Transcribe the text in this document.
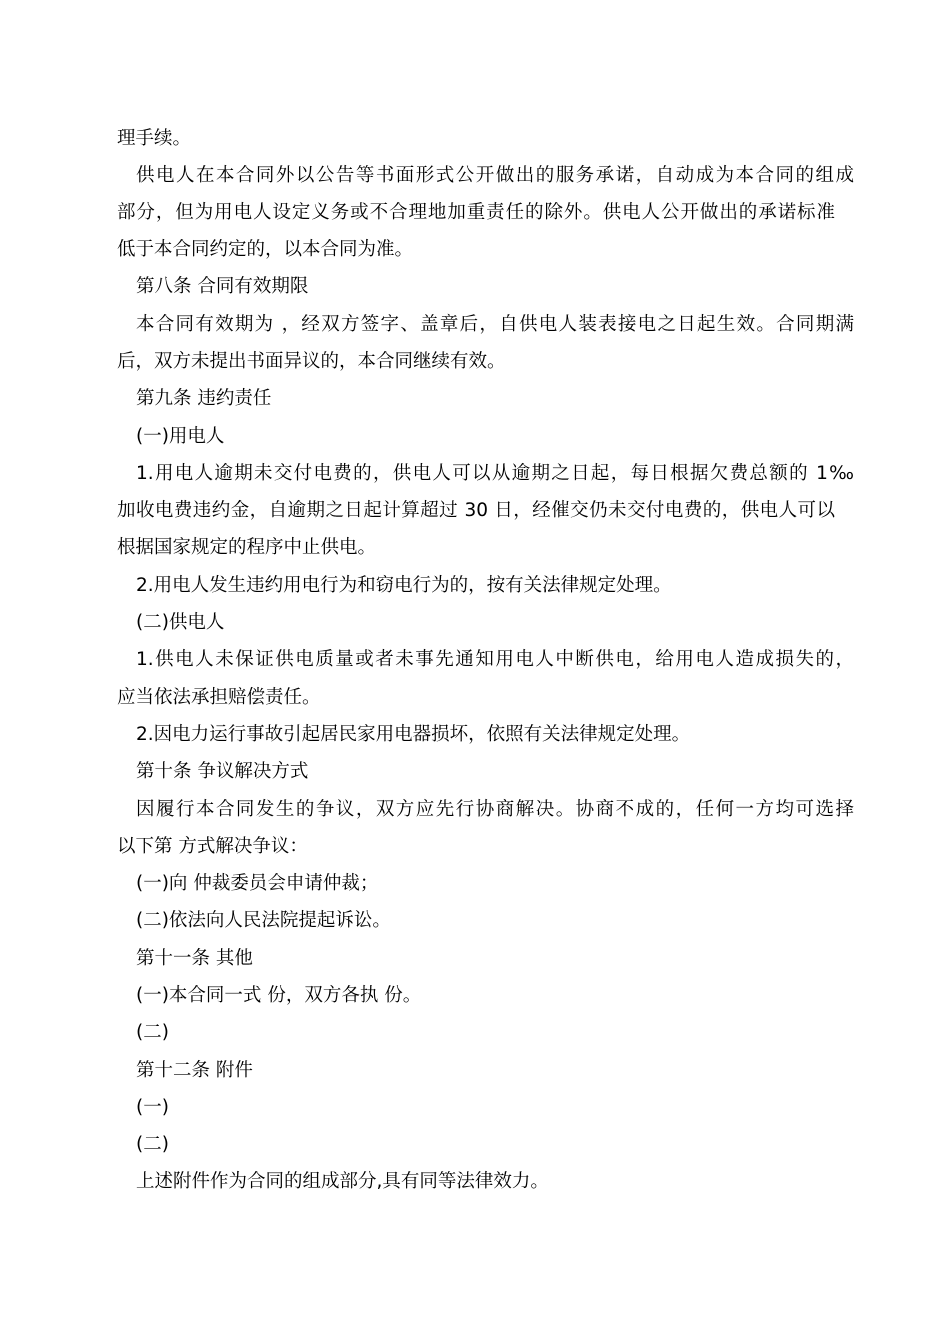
理手续。
供电人在本合同外以公告等书面形式公开做出的服务承诺，自动成为本合同的组成
部分，但为用电人设定义务或不合理地加重责任的除外。供电人公开做出的承诺标准
低于本合同约定的，以本合同为准。
第八条 合同有效期限
本合同有效期为 ，经双方签字、盖章后，自供电人装表接电之日起生效。合同期满
后，双方未提出书面异议的，本合同继续有效。
第九条 违约责任
(一)用电人
1.用电人逾期未交付电费的，供电人可以从逾期之日起，每日根据欠费总额的 1‰
加收电费违约金，自逾期之日起计算超过 30 日，经催交仍未交付电费的，供电人可以
根据国家规定的程序中止供电。
2.用电人发生违约用电行为和窃电行为的，按有关法律规定处理。
(二)供电人
1.供电人未保证供电质量或者未事先通知用电人中断供电，给用电人造成损失的，
应当依法承担赔偿责任。
2.因电力运行事故引起居民家用电器损坏，依照有关法律规定处理。
第十条 争议解决方式
因履行本合同发生的争议，双方应先行协商解决。协商不成的，任何一方均可选择
以下第 方式解决争议：
(一)向 仲裁委员会申请仲裁；
(二)依法向人民法院提起诉讼。
第十一条 其他
(一)本合同一式 份，双方各执 份。
(二)
第十二条 附件
(一)
(二)
上述附件作为合同的组成部分,具有同等法律效力。
